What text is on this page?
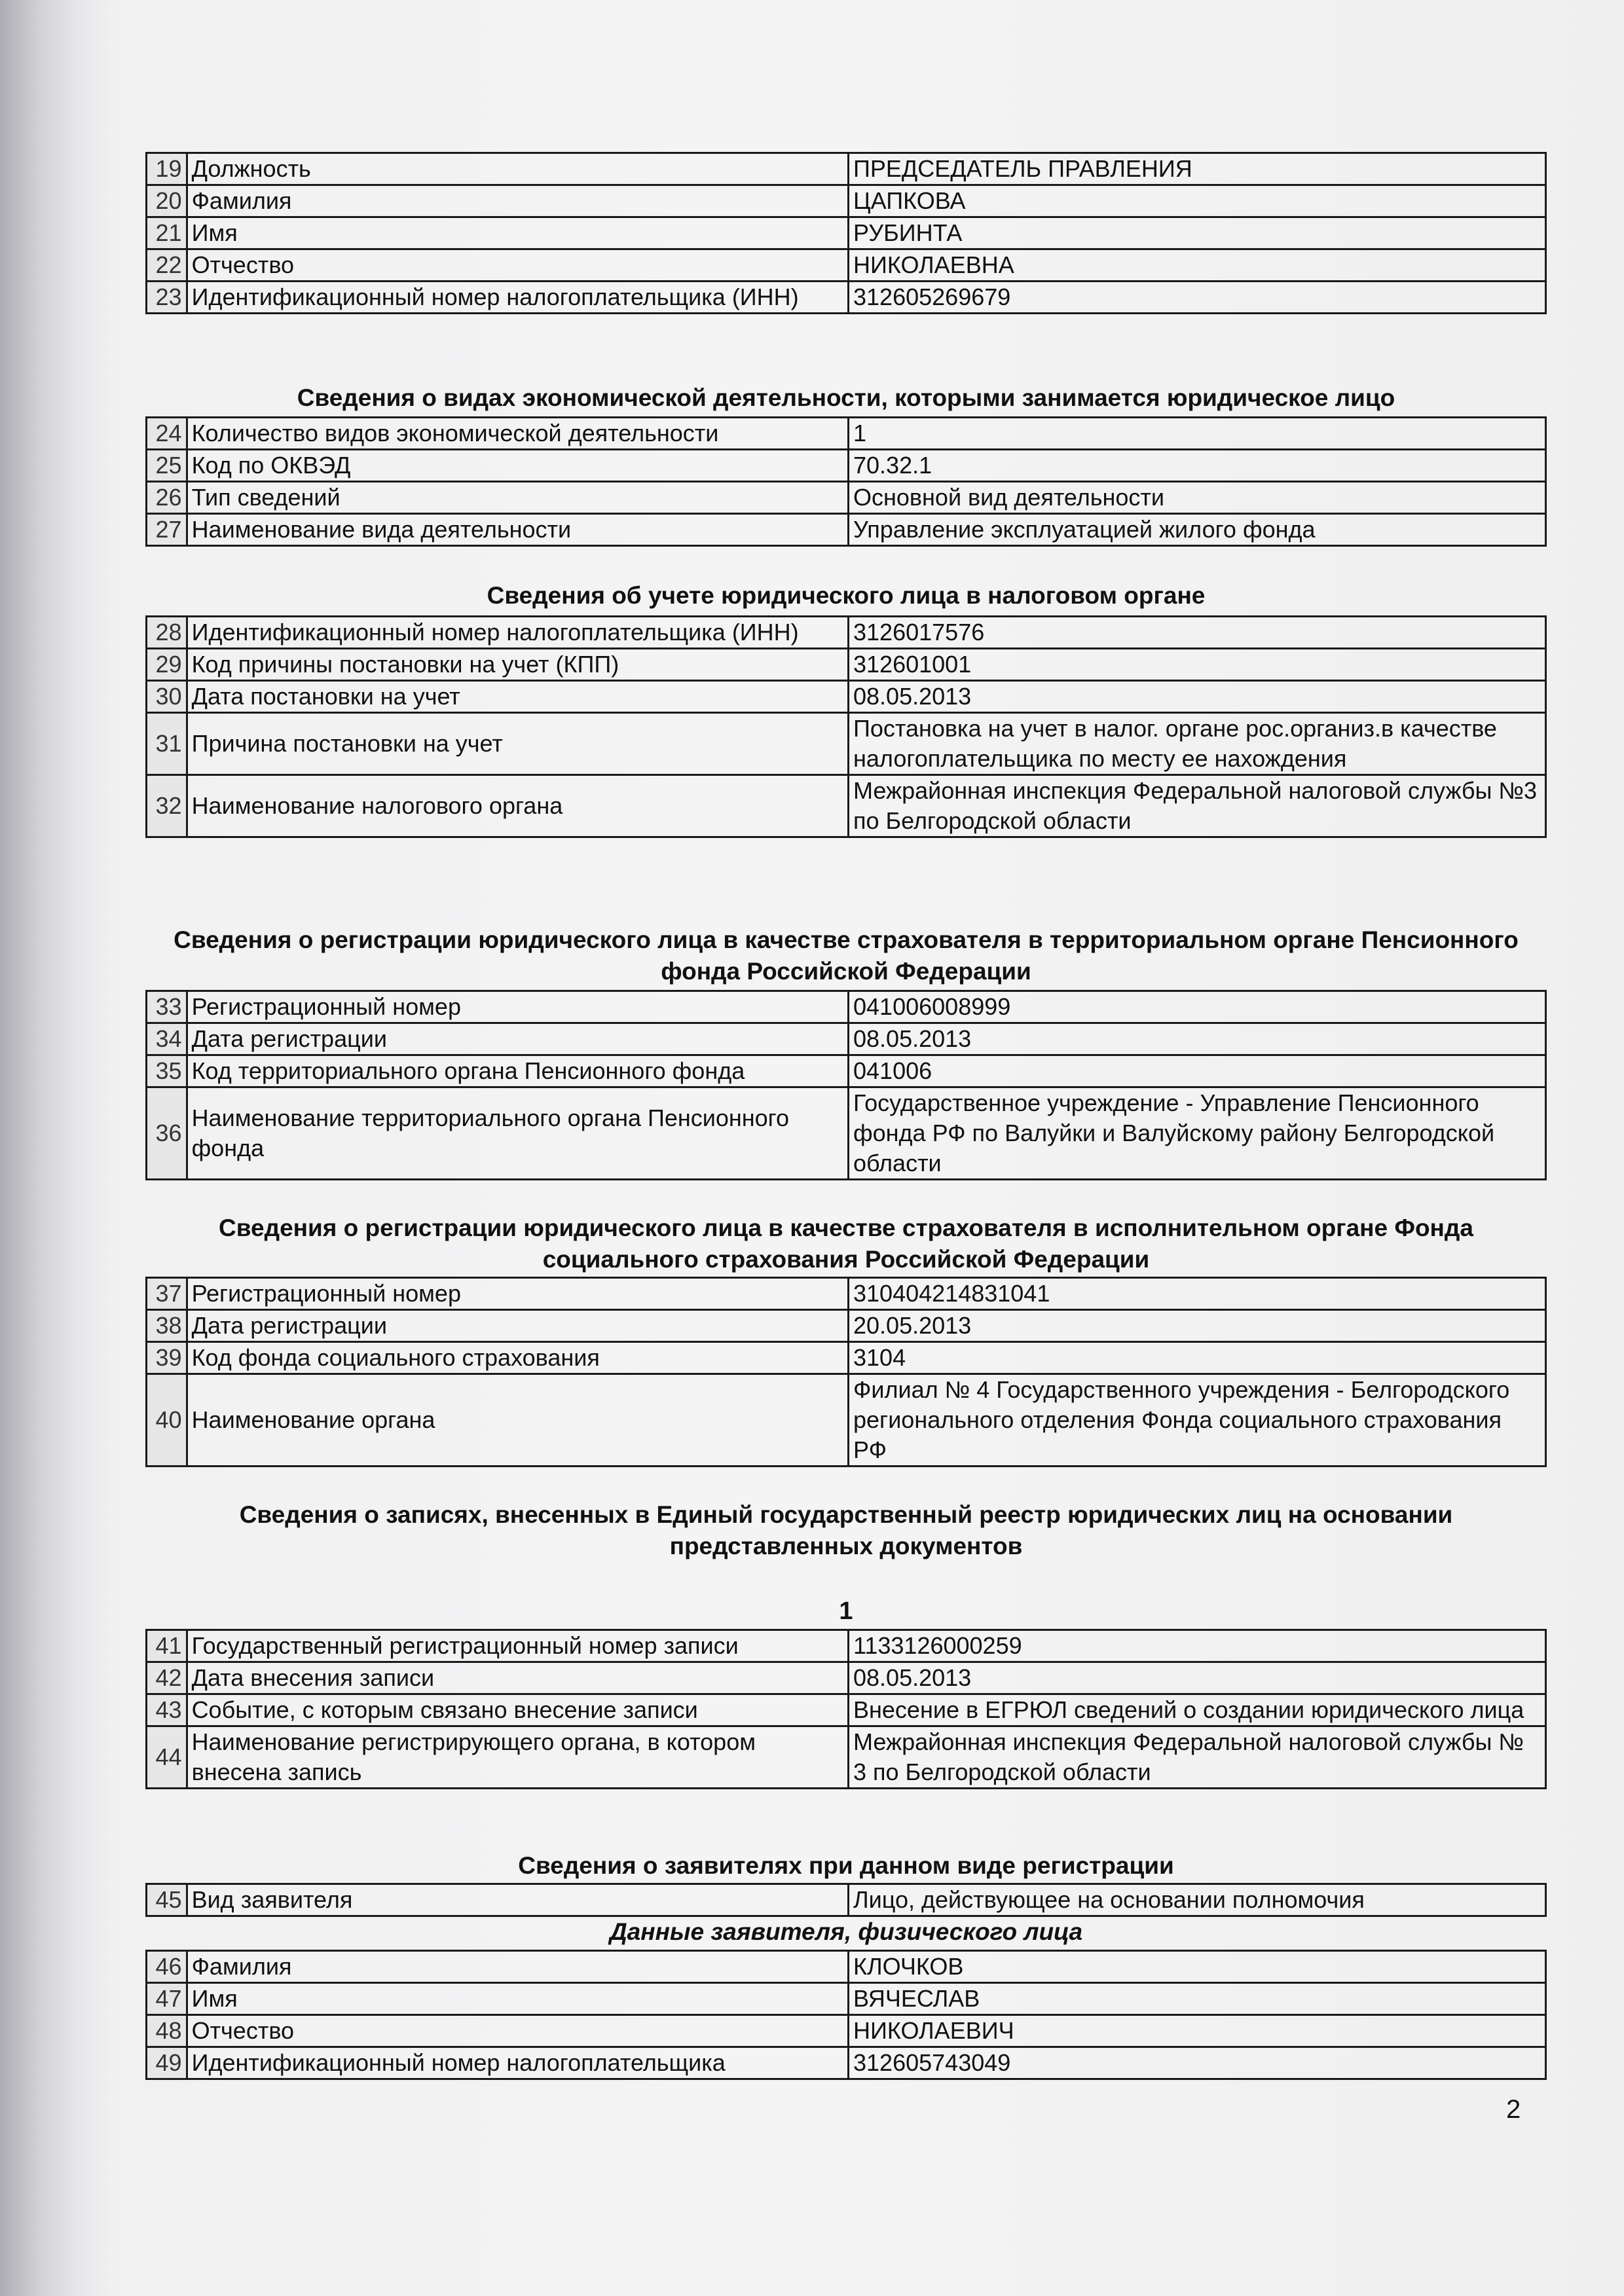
19	Должность	ПРЕДСЕДАТЕЛЬ ПРАВЛЕНИЯ
20	Фамилия	ЦАПКОВА
21	Имя	РУБИНТА
22	Отчество	НИКОЛАЕВНА
23	Идентификационный номер налогоплательщика (ИНН)	312605269679
Сведения о видах экономической деятельности, которыми занимается юридическое лицо
24	Количество видов экономической деятельности	1
25	Код по ОКВЭД	70.32.1
26	Тип сведений	Основной вид деятельности
27	Наименование вида деятельности	Управление эксплуатацией жилого фонда
Сведения об учете юридического лица в налоговом органе
28	Идентификационный номер налогоплательщика (ИНН)	3126017576
29	Код причины постановки на учет (КПП)	312601001
30	Дата постановки на учет	08.05.2013
31	Причина постановки на учет	Постановка на учет в налог. органе рос.организ.в качестве налогоплательщика по месту ее нахождения
32	Наименование налогового органа	Межрайонная инспекция Федеральной налоговой службы №3 по Белгородской области
Сведения о регистрации юридического лица в качестве страхователя в территориальном органе Пенсионного фонда Российской Федерации
33	Регистрационный номер	041006008999
34	Дата регистрации	08.05.2013
35	Код территориального органа Пенсионного фонда	041006
36	Наименование территориального органа Пенсионного фонда	Государственное учреждение - Управление Пенсионного фонда РФ по Валуйки и Валуйскому району Белгородской области
Сведения о регистрации юридического лица в качестве страхователя в исполнительном органе Фонда социального страхования Российской Федерации
37	Регистрационный номер	310404214831041
38	Дата регистрации	20.05.2013
39	Код фонда социального страхования	3104
40	Наименование органа	Филиал № 4 Государственного учреждения - Белгородского регионального отделения Фонда социального страхования РФ
Сведения о записях, внесенных в Единый государственный реестр юридических лиц на основании представленных документов
1
41	Государственный регистрационный номер записи	1133126000259
42	Дата внесения записи	08.05.2013
43	Событие, с которым связано внесение записи	Внесение в ЕГРЮЛ сведений о создании юридического лица
44	Наименование регистрирующего органа, в котором внесена запись	Межрайонная инспекция Федеральной налоговой службы № 3 по Белгородской области
Сведения о заявителях при данном виде регистрации
45	Вид заявителя	Лицо, действующее на основании полномочия
Данные заявителя, физического лица
46	Фамилия	КЛОЧКОВ
47	Имя	ВЯЧЕСЛАВ
48	Отчество	НИКОЛАЕВИЧ
49	Идентификационный номер налогоплательщика	312605743049
2
